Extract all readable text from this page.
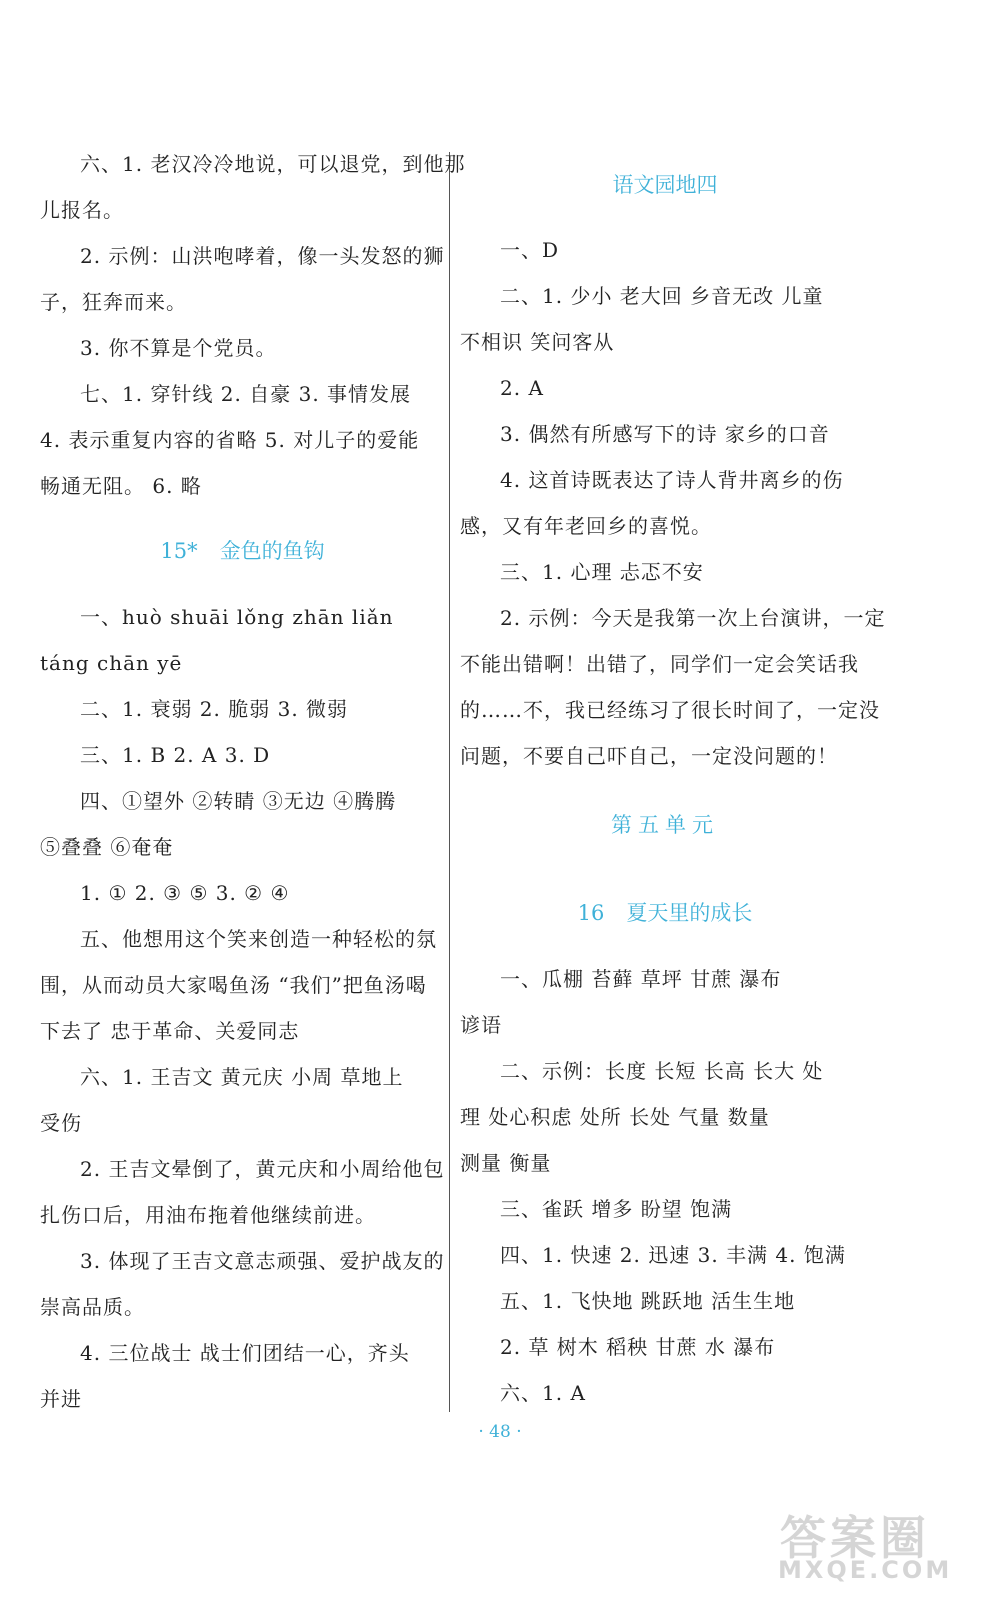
六、1. 老汉冷冷地说，可以退党，到他那
儿报名。
2. 示例：山洪咆哮着，像一头发怒的狮
子，狂奔而来。
3. 你不算是个党员。
七、1. 穿针线 2. 自豪 3. 事情发展
4. 表示重复内容的省略 5. 对儿子的爱能
畅通无阻。 6. 略
15* 金色的鱼钩
一、huò shuāi lǒng zhān liǎn
táng chān yē
二、1. 衰弱 2. 脆弱 3. 微弱
三、1. B 2. A 3. D
四、①望外 ②转睛 ③无边 ④腾腾
⑤叠叠 ⑥奄奄
1. ① 2. ③ ⑤ 3. ② ④
五、他想用这个笑来创造一种轻松的氛
围，从而动员大家喝鱼汤 “我们”把鱼汤喝
下去了 忠于革命、关爱同志
六、1. 王吉文 黄元庆 小周 草地上
受伤
2. 王吉文晕倒了，黄元庆和小周给他包
扎伤口后，用油布拖着他继续前进。
3. 体现了王吉文意志顽强、爱护战友的
崇高品质。
4. 三位战士 战士们团结一心，齐头
并进
语文园地四
一、D
二、1. 少小 老大回 乡音无改 儿童
不相识 笑问客从
2. A
3. 偶然有所感写下的诗 家乡的口音
4. 这首诗既表达了诗人背井离乡的伤
感，又有年老回乡的喜悦。
三、1. 心理 忐忑不安
2. 示例：今天是我第一次上台演讲，一定
不能出错啊！出错了，同学们一定会笑话我
的……不，我已经练习了很长时间了，一定没
问题，不要自己吓自己，一定没问题的！
第五单元
16 夏天里的成长
一、瓜棚 苔藓 草坪 甘蔗 瀑布
谚语
二、示例：长度 长短 长高 长大 处
理 处心积虑 处所 长处 气量 数量
测量 衡量
三、雀跃 增多 盼望 饱满
四、1. 快速 2. 迅速 3. 丰满 4. 饱满
五、1. 飞快地 跳跃地 活生生地
2. 草 树木 稻秧 甘蔗 水 瀑布
六、1. A
· 48 ·
答案圈
MXQE.COM
